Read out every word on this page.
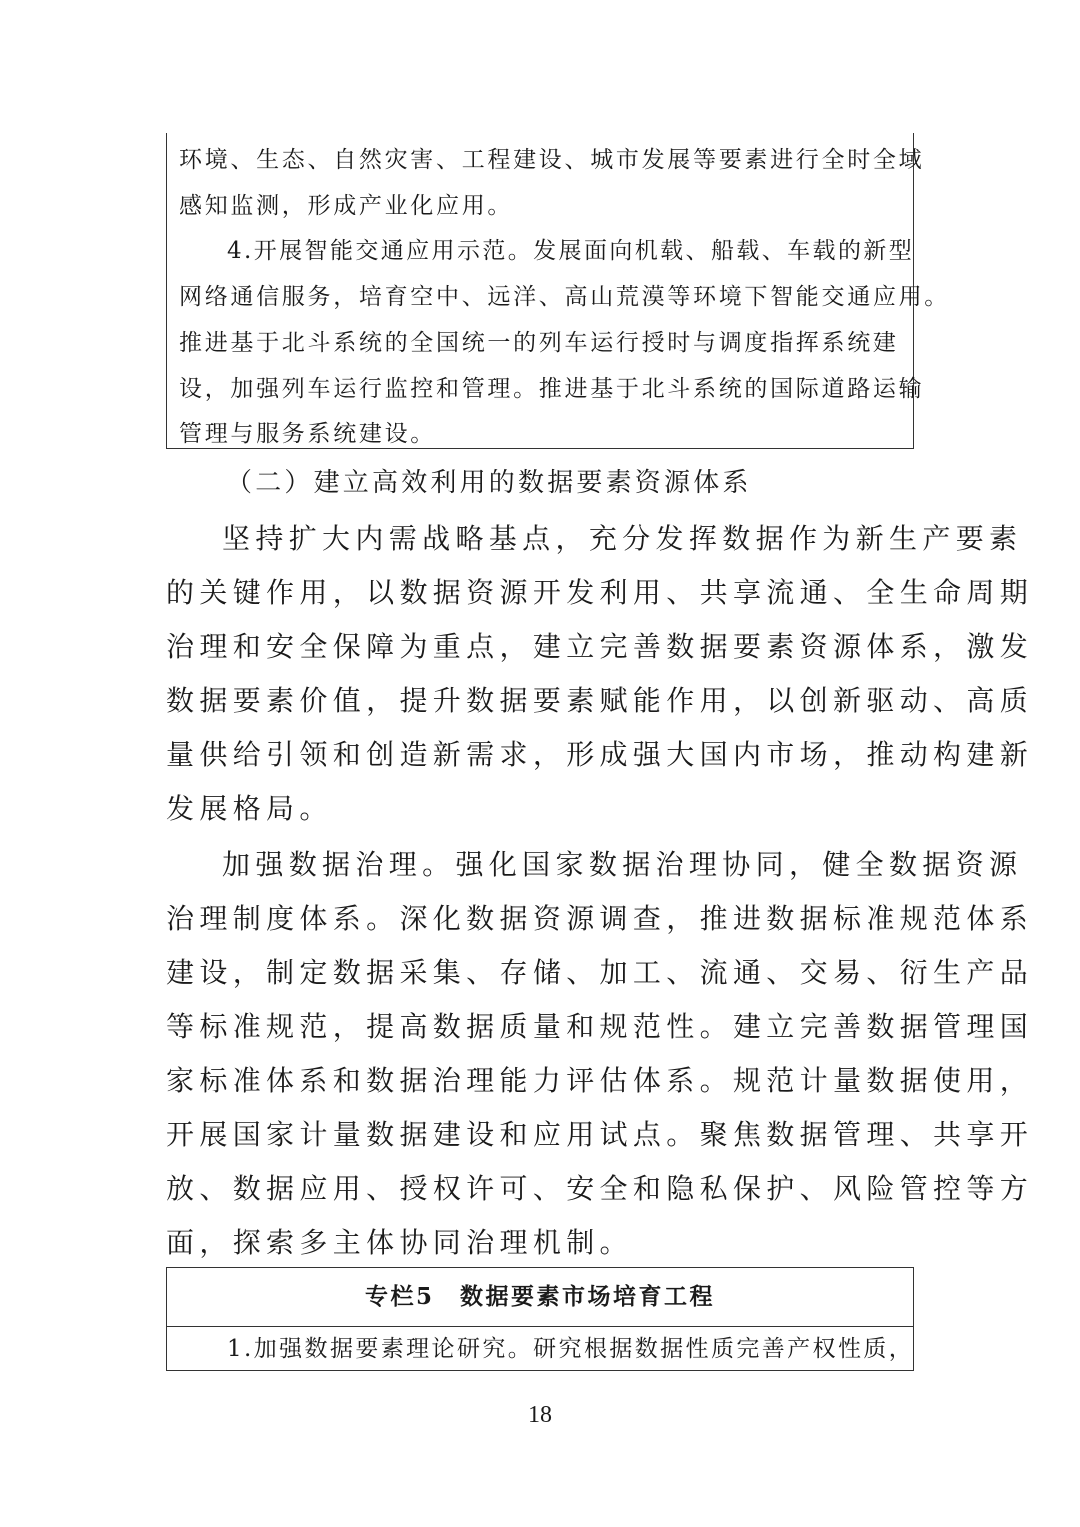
环境、生态、自然灾害、工程建设、城市发展等要素进行全时全域
感知监测，形成产业化应用。
4.开展智能交通应用示范。发展面向机载、船载、车载的新型
网络通信服务，培育空中、远洋、高山荒漠等环境下智能交通应用。
推进基于北斗系统的全国统一的列车运行授时与调度指挥系统建
设，加强列车运行监控和管理。推进基于北斗系统的国际道路运输
管理与服务系统建设。
（二）建立高效利用的数据要素资源体系
坚持扩大内需战略基点，充分发挥数据作为新生产要素
的关键作用，以数据资源开发利用、共享流通、全生命周期
治理和安全保障为重点，建立完善数据要素资源体系，激发
数据要素价值，提升数据要素赋能作用，以创新驱动、高质
量供给引领和创造新需求，形成强大国内市场，推动构建新
发展格局。
加强数据治理。强化国家数据治理协同，健全数据资源
治理制度体系。深化数据资源调查，推进数据标准规范体系
建设，制定数据采集、存储、加工、流通、交易、衍生产品
等标准规范，提高数据质量和规范性。建立完善数据管理国
家标准体系和数据治理能力评估体系。规范计量数据使用，
开展国家计量数据建设和应用试点。聚焦数据管理、共享开
放、数据应用、授权许可、安全和隐私保护、风险管控等方
面，探索多主体协同治理机制。
专栏5　数据要素市场培育工程
1.加强数据要素理论研究。研究根据数据性质完善产权性质，
18
